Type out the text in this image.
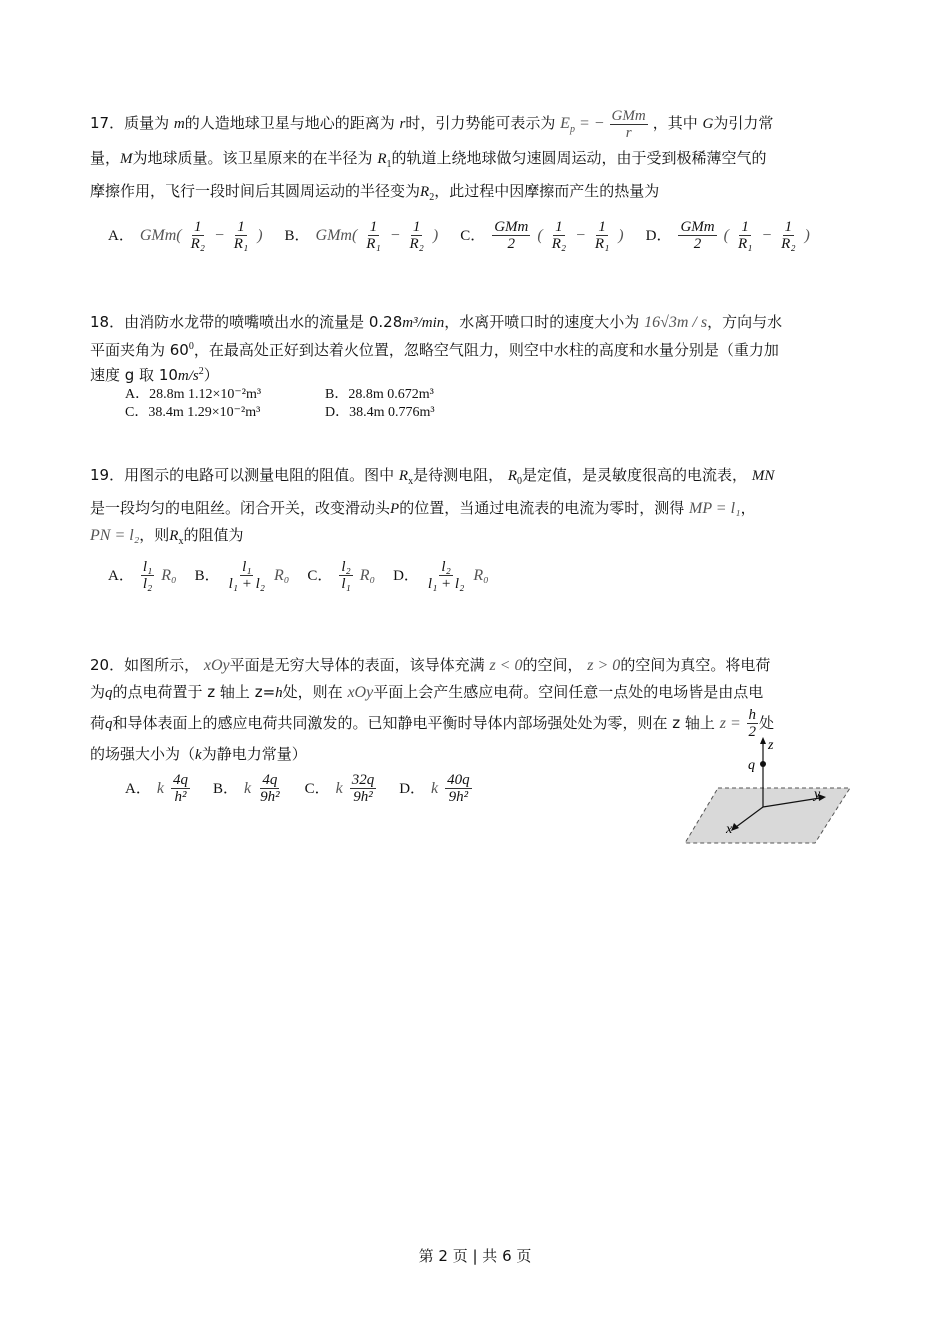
17．质量为 m的人造地球卫星与地心的距离为 r时，引力势能可表示为 $E_p$ = − GMm
r
，其中 G为引力常
量，M为地球质量。该卫星原来的在半径为 $R_1$的轨道上绕地球做匀速圆周运动，由于受到极稀薄空气的
摩擦作用，飞行一段时间后其圆周运动的半径变为$R_2$，此过程中因摩擦而产生的热量为
A． GMm( 1
R₂
− $\frac{1}{\text{R₁}}$ ) B． GMm( 1
R₁
− $\frac{1}{\text{R₂}}$ ) C．
GMm
2
( 1
R₂
− $\frac{1}{\text{R₁}}$ ) D．
GMm
2
( 1
R₁
− $\frac{1}{\text{R₂}}$ )
18．由消防水龙带的喷嘴喷出水的流量是 0.28m³/min，水离开喷口时的速度大小为 16√3m / s，方向与水
平面夹角为 $60^0$，在最高处正好到达着火位置，忽略空气阻力，则空中水柱的高度和水量分别是（重力加
速度 g 取 $10m/s^2$）
A．28.8m 1.12×10⁻²m³	B．28.8m 0.672m³
C．38.4m 1.29×10⁻²m³	D．38.4m 0.776m³
19．用图示的电路可以测量电阻的阻值。图中 $R_x$是待测电阻， $R_0$是定值，是灵敏度很高的电流表， MN
是一段均匀的电阻丝。闭合开关，改变滑动头P的位置，当通过电流表的电流为零时，测得 MP = l₁，
PN = l₂，则$R_x$的阻值为
A．
l₁
l₂
R₀ B．
l₁
l₁ + l₂
R₀ C．
l₂
l₁
R₀ D．
l₂
l₁ + l₂
R₀
20．如图所示， xOy平面是无穷大导体的表面，该导体充满 z < 0的空间， z > 0的空间为真空。将电荷
为q的点电荷置于 z 轴上 z=h处，则在 xOy平面上会产生感应电荷。空间任意一点处的电场皆是由点电
荷q和导体表面上的感应电荷共同激发的。已知静电平衡时导体内部场强处处为零，则在 z 轴上 $z = \frac{h}{2}$ 处
的场强大小为（k为静电力常量）
A． k 4q
h²
B． k 4q
9h²
C． k 32q
9h²
D． k 40q
9h²
z
q
y
x
第 2 页 | 共 6 页
